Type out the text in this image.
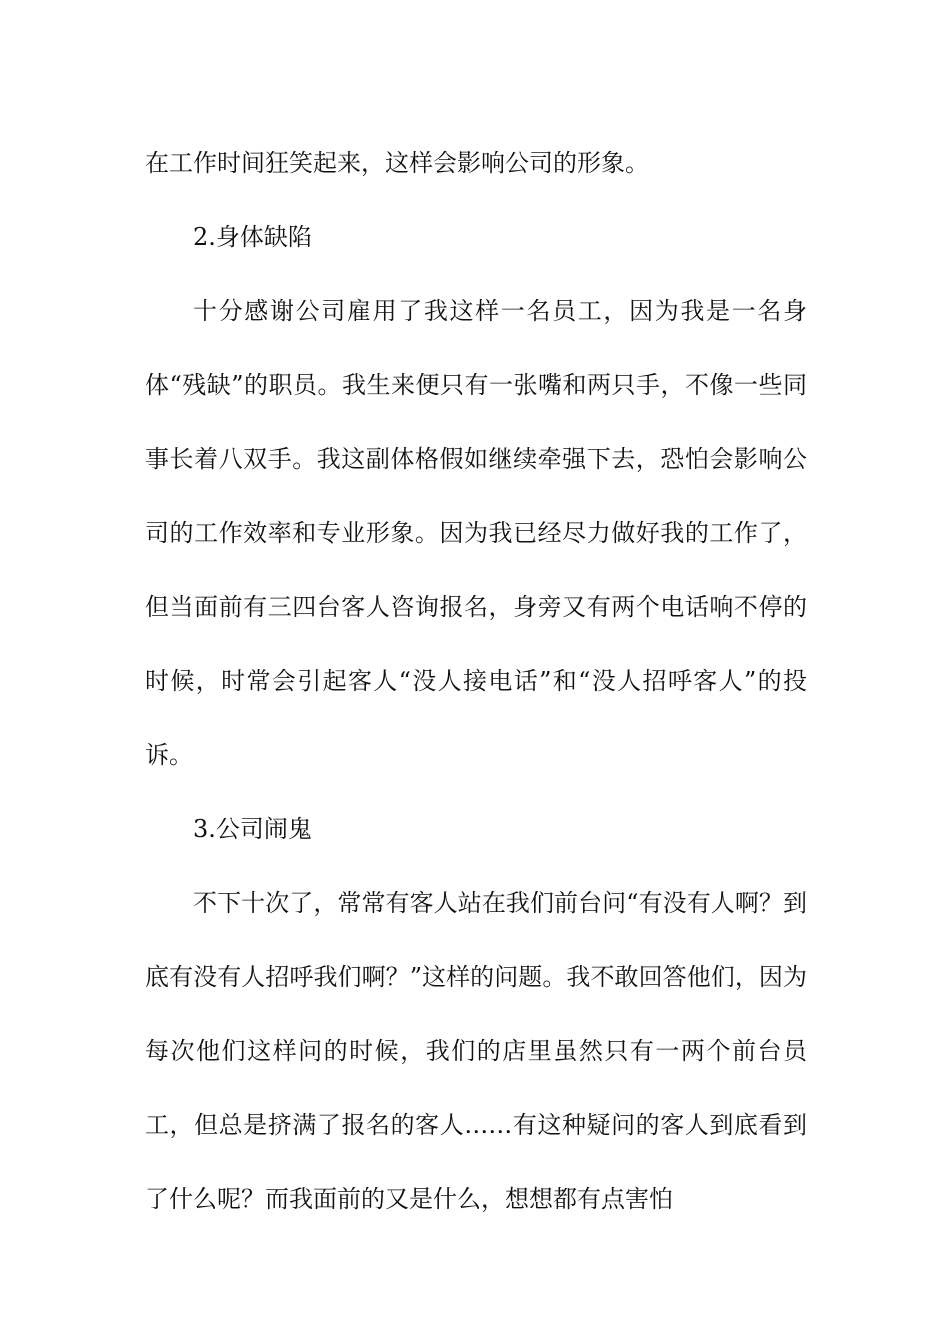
在工作时间狂笑起来，这样会影响公司的形象。

2.身体缺陷

十分感谢公司雇用了我这样一名员工，因为我是一名身体“残缺”的职员。我生来便只有一张嘴和两只手，不像一些同事长着八双手。我这副体格假如继续牵强下去，恐怕会影响公司的工作效率和专业形象。因为我已经尽力做好我的工作了，但当面前有三四台客人咨询报名，身旁又有两个电话响不停的时候，时常会引起客人“没人接电话”和“没人招呼客人”的投诉。

3.公司闹鬼

不下十次了，常常有客人站在我们前台问“有没有人啊？到底有没有人招呼我们啊？”这样的问题。我不敢回答他们，因为每次他们这样问的时候，我们的店里虽然只有一两个前台员工，但总是挤满了报名的客人……有这种疑问的客人到底看到了什么呢？而我面前的又是什么，想想都有点害怕
